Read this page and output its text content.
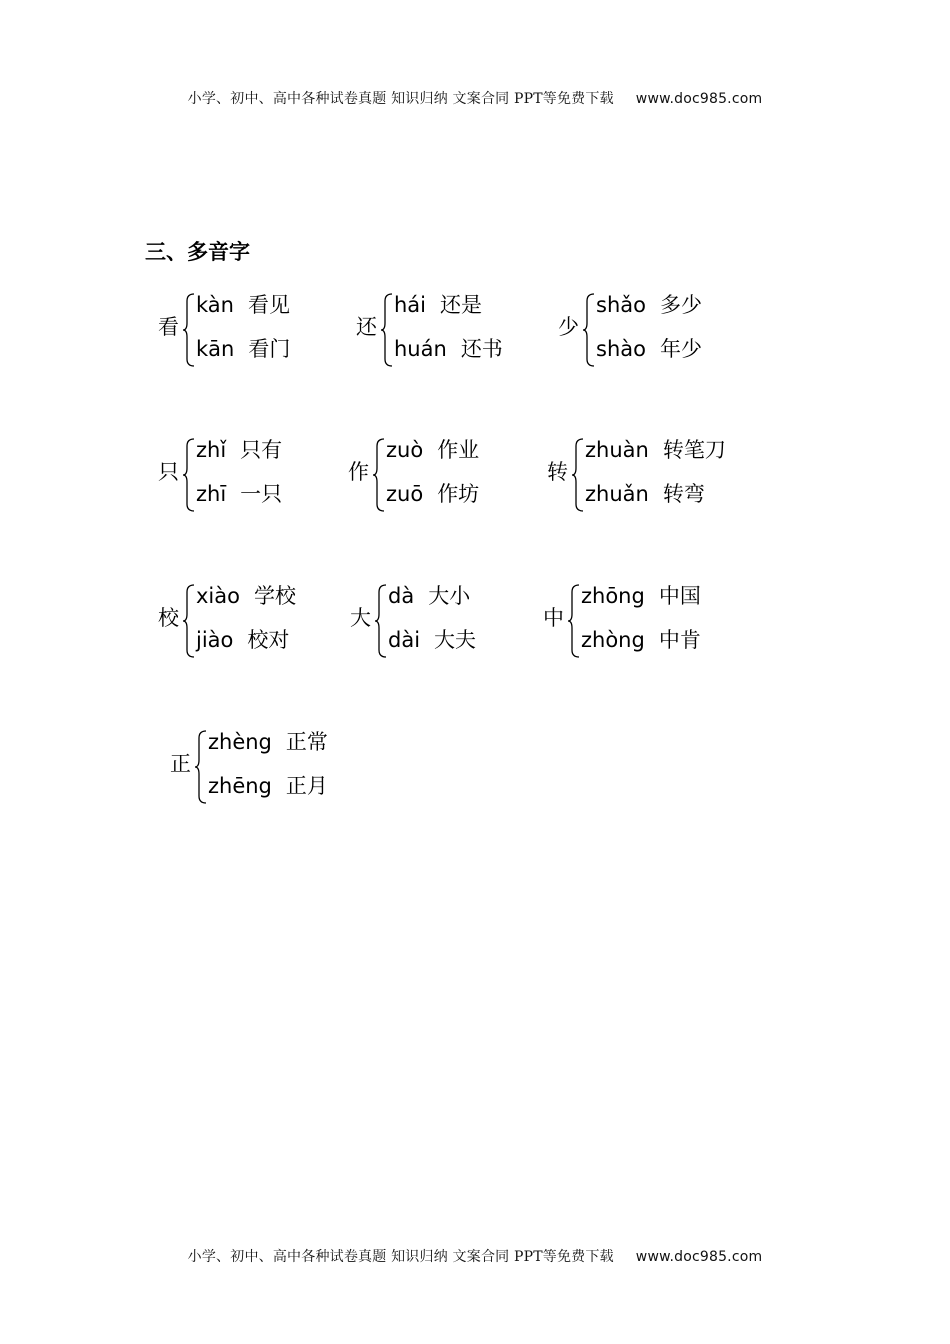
小学、初中、高中各种试卷真题 知识归纳 文案合同 PPT等免费下载 www.doc985.com
三、多音字
看
kàn 看见
kān 看门
还
hái 还是
huán 还书
少
shǎo 多少
shào 年少
只
zhǐ 只有
zhī 一只
作
zuò 作业
zuō 作坊
转
zhuàn 转笔刀
zhuǎn 转弯
校
xiào 学校
jiào 校对
大
dà 大小
dài 大夫
中
zhōng 中国
zhòng 中肯
正
zhèng 正常
zhēng 正月
小学、初中、高中各种试卷真题 知识归纳 文案合同 PPT等免费下载 www.doc985.com
